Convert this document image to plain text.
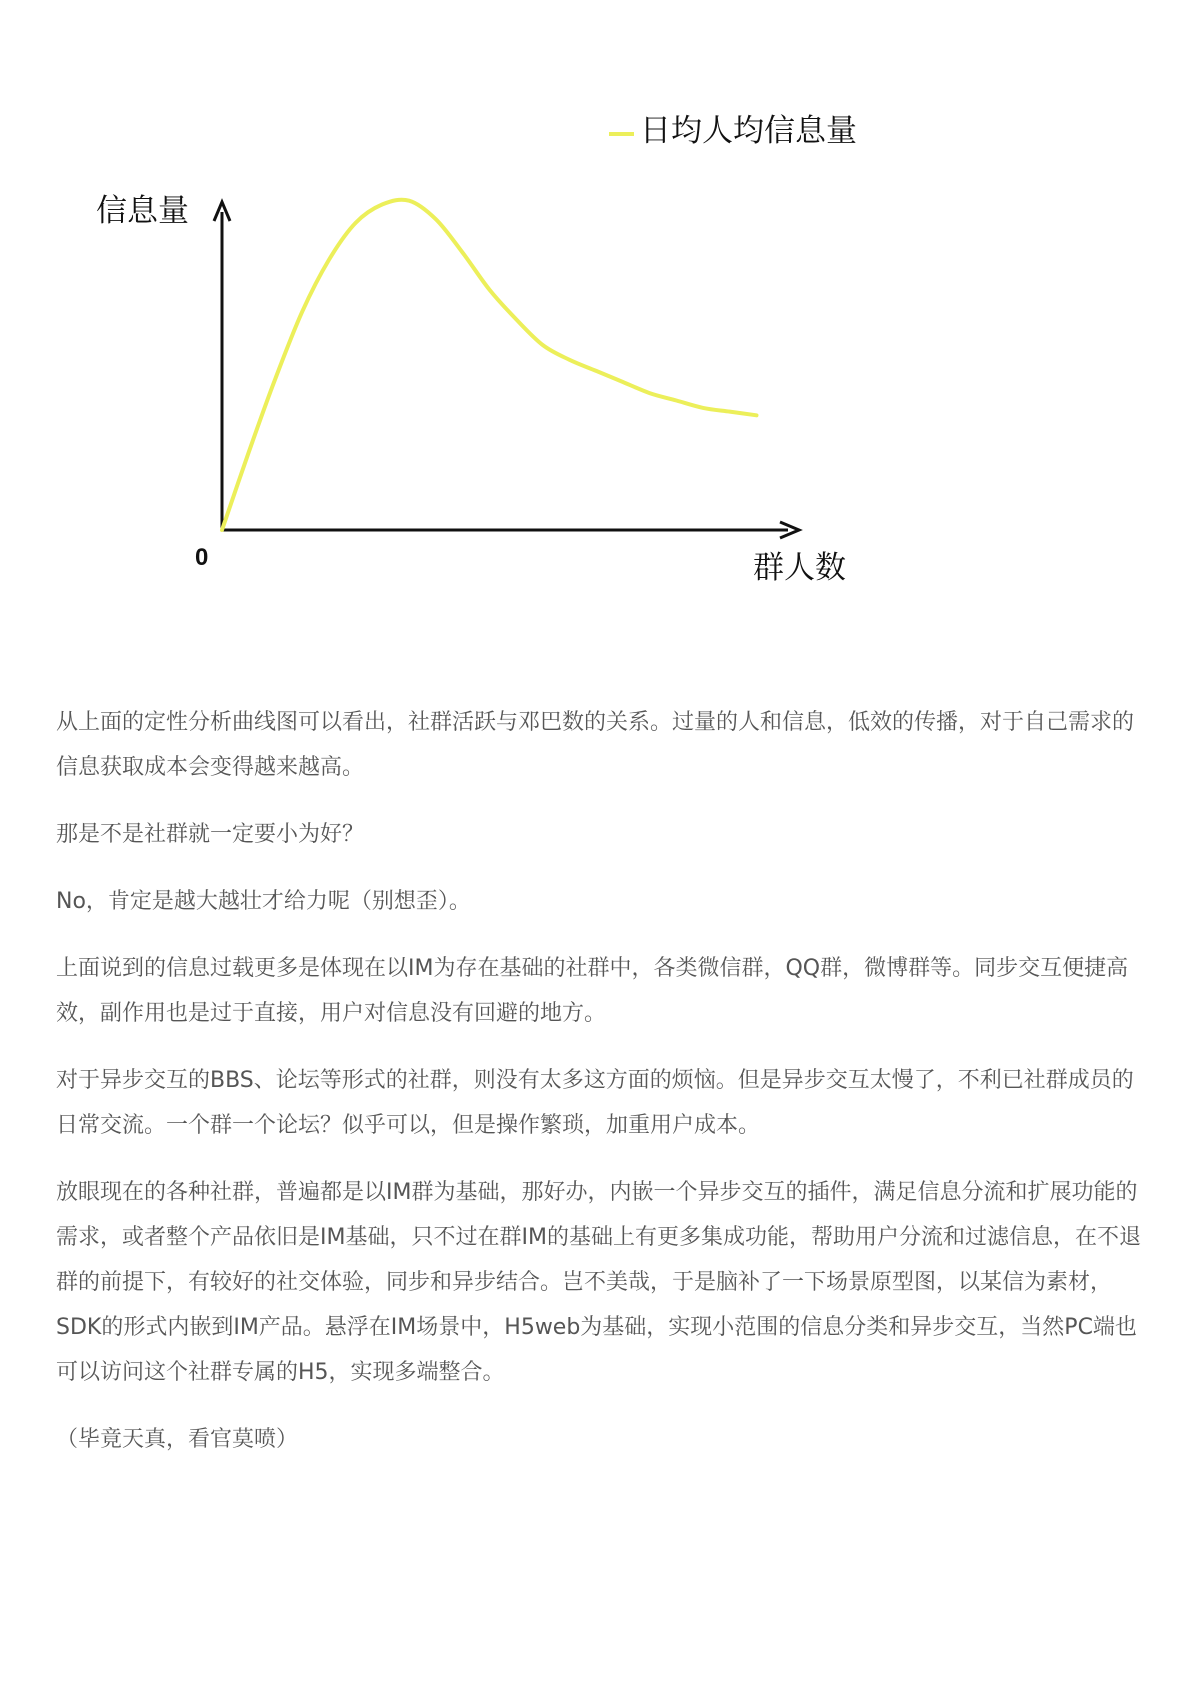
日均人均信息量
信息量
0	群人数

从上面的定性分析曲线图可以看出，社群活跃与邓巴数的关系。过量的人和信息，低效的传播，对于自己需求的信息获取成本会变得越来越高。

那是不是社群就一定要小为好？

No，肯定是越大越壮才给力呢（别想歪）。

上面说到的信息过载更多是体现在以IM为存在基础的社群中，各类微信群，QQ群，微博群等。同步交互便捷高效，副作用也是过于直接，用户对信息没有回避的地方。

对于异步交互的BBS、论坛等形式的社群，则没有太多这方面的烦恼。但是异步交互太慢了，不利已社群成员的日常交流。一个群一个论坛？似乎可以，但是操作繁琐，加重用户成本。

放眼现在的各种社群，普遍都是以IM群为基础，那好办，内嵌一个异步交互的插件，满足信息分流和扩展功能的需求，或者整个产品依旧是IM基础，只不过在群IM的基础上有更多集成功能，帮助用户分流和过滤信息，在不退群的前提下，有较好的社交体验，同步和异步结合。岂不美哉，于是脑补了一下场景原型图，以某信为素材，SDK的形式内嵌到IM产品。悬浮在IM场景中，H5web为基础，实现小范围的信息分类和异步交互，当然PC端也可以访问这个社群专属的H5，实现多端整合。

（毕竟天真，看官莫喷）
